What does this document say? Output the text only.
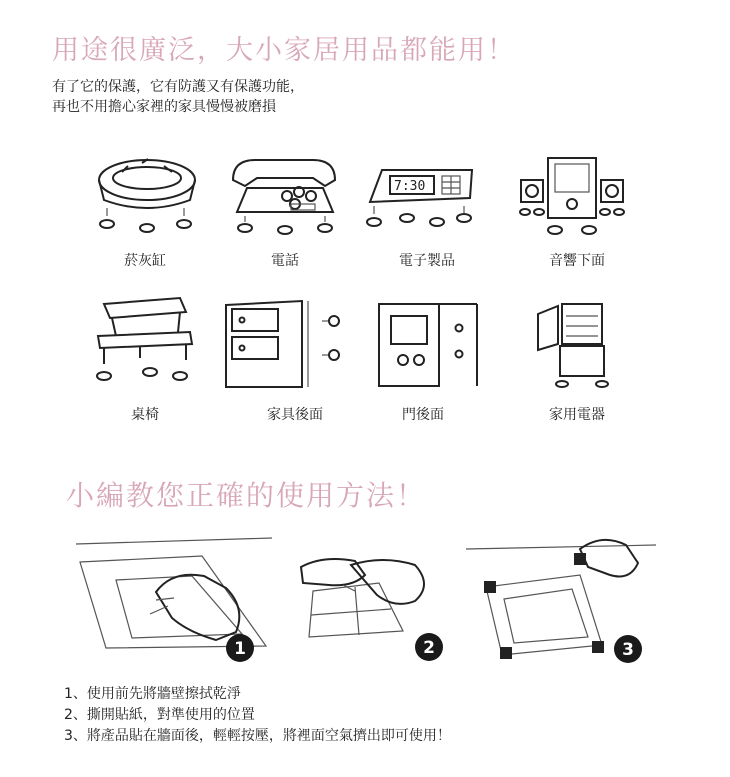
用途很廣泛，大小家居用品都能用！
有了它的保護，它有防護又有保護功能，
再也不用擔心家裡的家具慢慢被磨損
菸灰缸	電話
7:30
電子製品	音響下面
桌椅	家具後面	門後面	家用電器
小編教您正確的使用方法！
1	2	3
1、使用前先將牆壁擦拭乾淨
2、撕開貼紙，對準使用的位置
3、將產品貼在牆面後，輕輕按壓，將裡面空氣擠出即可使用！
